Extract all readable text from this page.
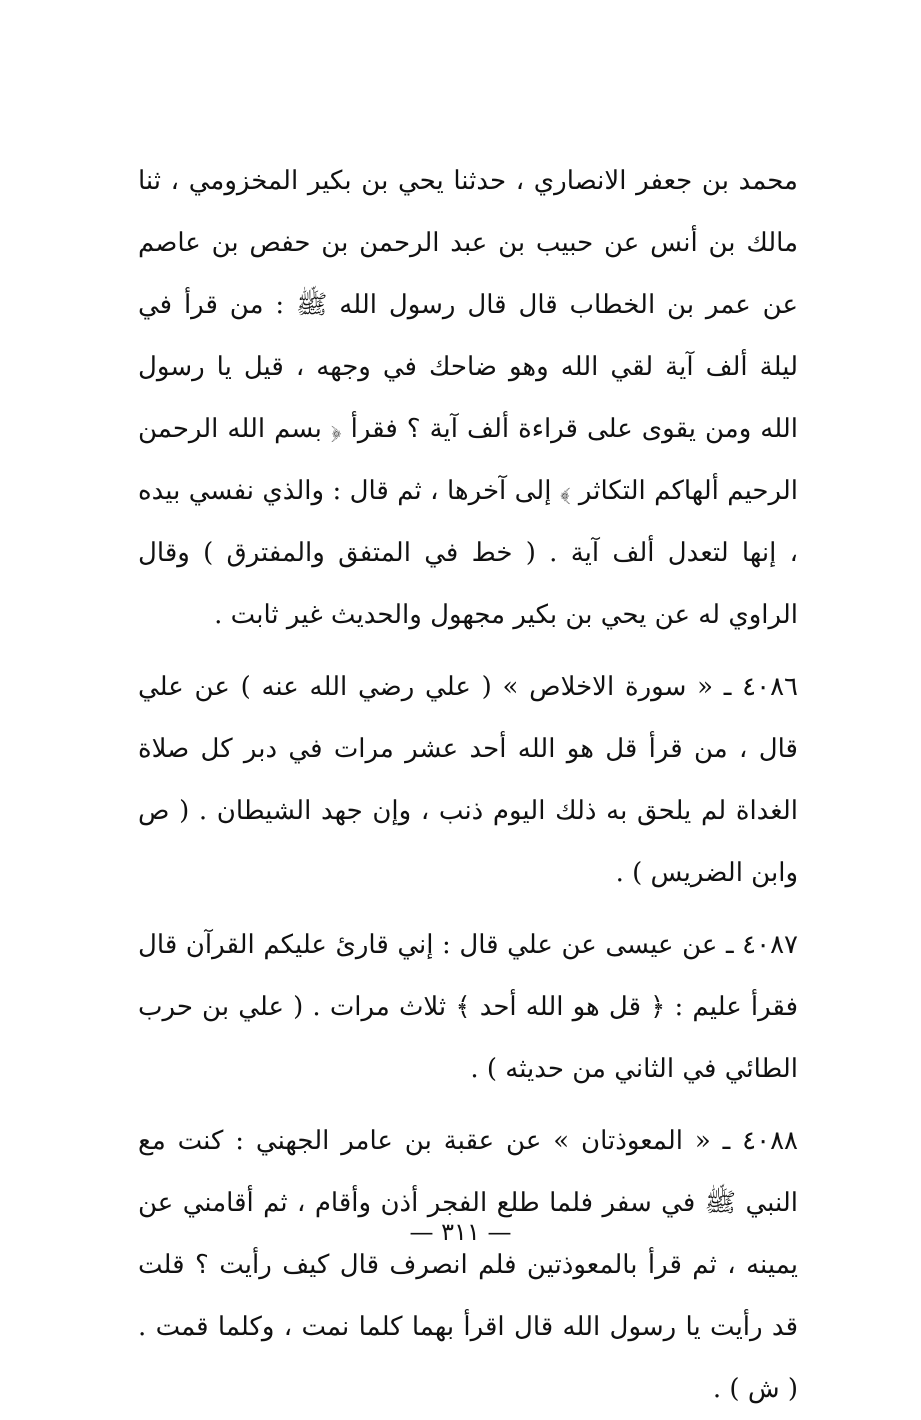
محمد بن جعفر الانصاري ، حدثنا يحي بن بكير المخزومي ، ثنا مالك بن أنس عن حبيب بن عبد الرحمن بن حفص بن عاصم عن عمر بن الخطاب قال قال رسول الله ﷺ : من قرأ في ليلة ألف آية لقي الله وهو ضاحك في وجهه ، قيل يا رسول الله ومن يقوى على قراءة ألف آية ؟ فقرأ ﴿ بسم الله الرحمن الرحيم ألهاكم التكاثر ﴾ إلى آخرها ، ثم قال : والذي نفسي بيده ، إنها لتعدل ألف آية . ( خط في المتفق والمفترق ) وقال الراوي له عن يحي بن بكير مجهول والحديث غير ثابت .

٤٠٨٦ ـ « سورة الاخلاص » ( علي رضي الله عنه ) عن علي قال ، من قرأ قل هو الله أحد عشر مرات في دبر كل صلاة الغداة لم يلحق به ذلك اليوم ذنب ، وإن جهد الشيطان . ( ص وابن الضريس ) .

٤٠٨٧ ـ عن عيسى عن علي قال : إني قارئ عليكم القرآن قال فقرأ عليم : ﴿ قل هو الله أحد ﴾ ثلاث مرات . ( علي بن حرب الطائي في الثاني من حديثه ) .

٤٠٨٨ ـ « المعوذتان » عن عقبة بن عامر الجهني : كنت مع النبي ﷺ في سفر فلما طلع الفجر أذن وأقام ، ثم أقامني عن يمينه ، ثم قرأ بالمعوذتين فلم انصرف قال كيف رأيت ؟ قلت قد رأيت يا رسول الله قال اقرأ بهما كلما نمت ، وكلما قمت . ( ش ) .

— ٣١١ —
